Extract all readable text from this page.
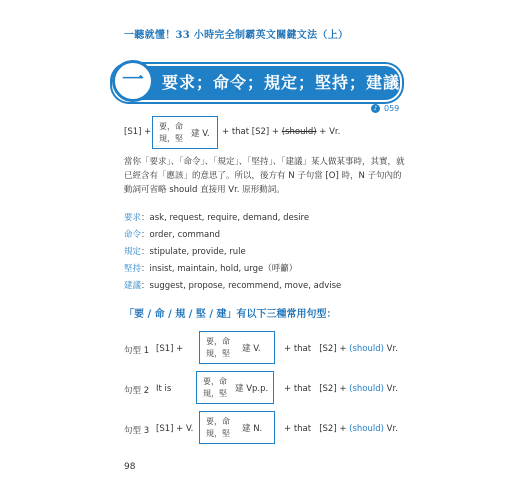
一聽就懂！33 小時完全制霸英文關鍵文法（上）
一 要求；命令；規定；堅持；建議
♪ 059
[S1] +
要，命
規，堅 建 V. + that [S2] + (should) + Vr.
當你「要求」、「命令」、「規定」、「堅持」、「建議」某人做某事時，其實，就已經含有「應該」的意思了。所以，後方有 N 子句當 [O] 時，N 子句內的動詞可省略 should 直接用 Vr. 原形動詞。
要求：ask, request, require, demand, desire
命令：order, command
規定：stipulate, provide, rule
堅持：insist, maintain, hold, urge（呼籲）
建議：suggest, propose, recommend, move, advise
「要 / 命 / 規 / 堅 / 建」有以下三種常用句型：
句型 1 [S1] +
要，命
規，堅 建 V.	+ that [S2] + (should) Vr.
句型 2 It is
要，命
規，堅 建 Vp.p. + that [S2] + (should) Vr.
句型 3 [S1] + V.
要，命
規，堅 建 N.	+ that [S2] + (should) Vr.
98
